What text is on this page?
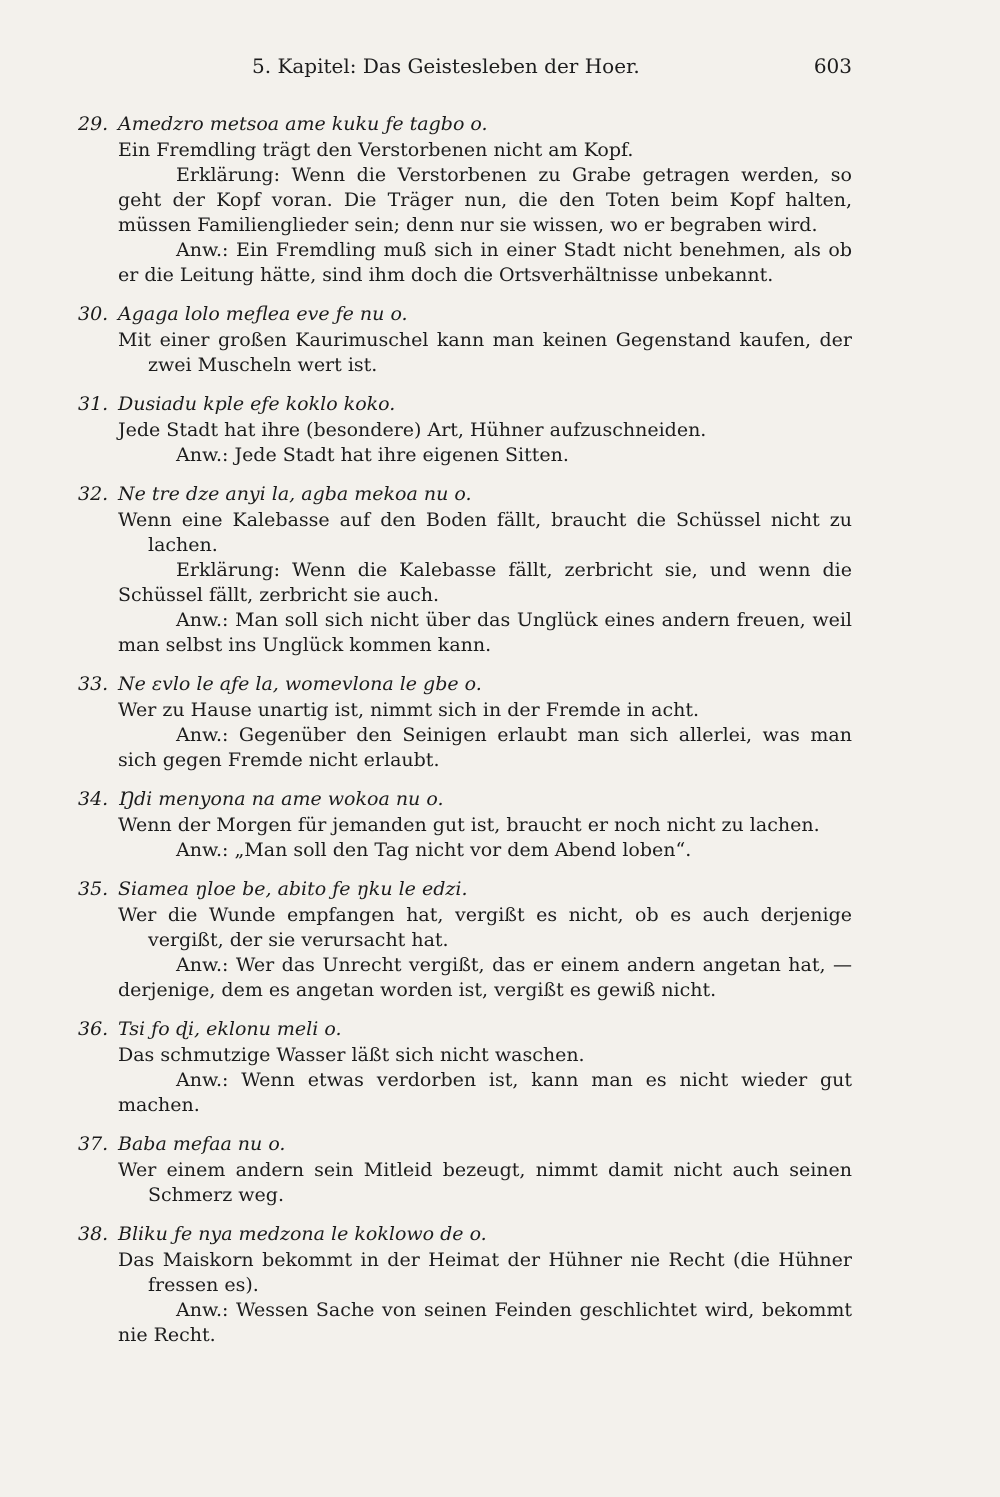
5. Kapitel: Das Geistesleben der Hoer.	603
29. Amedzro metsoa ame kuku ƒe tagbo o.
Ein Fremdling trägt den Verstorbenen nicht am Kopf.
Erklärung: Wenn die Verstorbenen zu Grabe getragen werden, so geht der Kopf voran. Die Träger nun, die den Toten beim Kopf halten, müssen Familienglieder sein; denn nur sie wissen, wo er begraben wird.
Anw.: Ein Fremdling muß sich in einer Stadt nicht benehmen, als ob er die Leitung hätte, sind ihm doch die Ortsverhältnisse unbekannt.
30. Agaga lolo meƒlea eve ƒe nu o.
Mit einer großen Kaurimuschel kann man keinen Gegenstand kaufen, der zwei Muscheln wert ist.
31. Dusiadu kple eƒe koklo koko.
Jede Stadt hat ihre (besondere) Art, Hühner aufzuschneiden.
Anw.: Jede Stadt hat ihre eigenen Sitten.
32. Ne tre dze anyi la, agba mekoa nu o.
Wenn eine Kalebasse auf den Boden fällt, braucht die Schüssel nicht zu lachen.
Erklärung: Wenn die Kalebasse fällt, zerbricht sie, und wenn die Schüssel fällt, zerbricht sie auch.
Anw.: Man soll sich nicht über das Unglück eines andern freuen, weil man selbst ins Unglück kommen kann.
33. Ne ɛvlo le aƒe la, womevlona le gbe o.
Wer zu Hause unartig ist, nimmt sich in der Fremde in acht.
Anw.: Gegenüber den Seinigen erlaubt man sich allerlei, was man sich gegen Fremde nicht erlaubt.
34. Ŋdi menyona na ame wokoa nu o.
Wenn der Morgen für jemanden gut ist, braucht er noch nicht zu lachen.
Anw.: „Man soll den Tag nicht vor dem Abend loben“.
35. Siamea ŋloe be, abito ƒe ŋku le edzi.
Wer die Wunde empfangen hat, vergißt es nicht, ob es auch derjenige vergißt, der sie verursacht hat.
Anw.: Wer das Unrecht vergißt, das er einem andern angetan hat, — derjenige, dem es angetan worden ist, vergißt es gewiß nicht.
36. Tsi ƒo ɖi, eklonu meli o.
Das schmutzige Wasser läßt sich nicht waschen.
Anw.: Wenn etwas verdorben ist, kann man es nicht wieder gut machen.
37. Baba mefaa nu o.
Wer einem andern sein Mitleid bezeugt, nimmt damit nicht auch seinen Schmerz weg.
38. Bliku ƒe nya medzona le koklowo de o.
Das Maiskorn bekommt in der Heimat der Hühner nie Recht (die Hühner fressen es).
Anw.: Wessen Sache von seinen Feinden geschlichtet wird, bekommt nie Recht.
